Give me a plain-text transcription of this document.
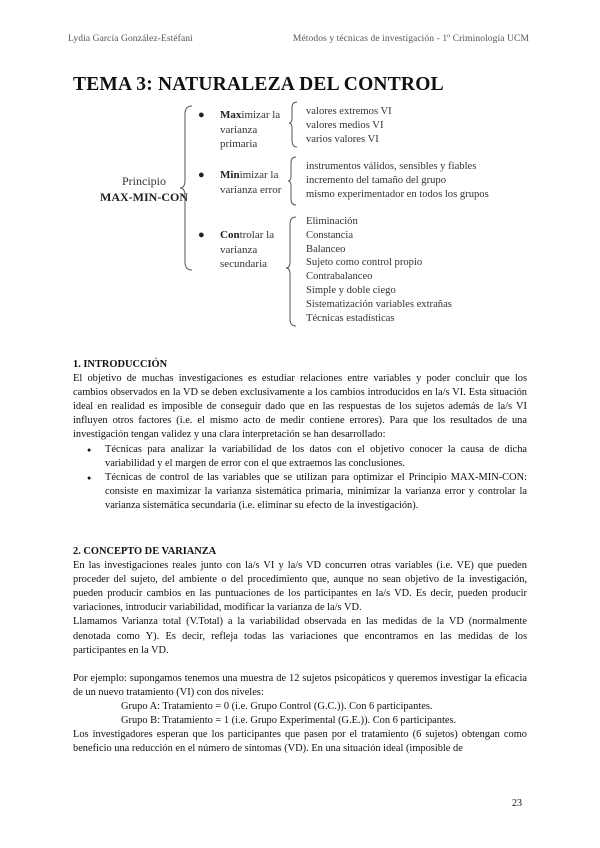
Lydia García González-Estéfani	Métodos y técnicas de investigación - 1º Criminología UCM
TEMA 3: NATURALEZA DEL CONTROL
Principio
MAX-MIN-CON
● Maximizar la
varianza
primaria
valores extremos VI
valores medios VI
varios valores VI
● Minimizar la
varianza error
instrumentos válidos, sensibles y fiables
incremento del tamaño del grupo
mismo experimentador en todos los grupos
● Controlar la
varianza
secundaria
Eliminación
Constancia
Balanceo
Sujeto como control propio
Contrabalanceo
Simple y doble ciego
Sistematización variables extrañas
Técnicas estadísticas

1. INTRODUCCIÓN

El objetivo de muchas investigaciones es estudiar relaciones entre variables y poder concluir que los cambios observados en la VD se deben exclusivamente a los cambios introducidos en la/s VI. Esta situación ideal en realidad es imposible de conseguir dado que en las respuestas de los sujetos además de la/s VI influyen otros factores (i.e. el mismo acto de medir contiene errores). Para que los resultados de una investigación tengan validez y una clara interpretación se han desarrollado:

● Técnicas para analizar la variabilidad de los datos con el objetivo conocer la causa de dicha variabilidad y el margen de error con el que extraemos las conclusiones.
● Técnicas de control de las variables que se utilizan para optimizar el Principio MAX-MIN-CON: consiste en maximizar la varianza sistemática primaria, minimizar la varianza error y controlar la varianza sistemática secundaria (i.e. eliminar su efecto de la investigación).

2. CONCEPTO DE VARIANZA

En las investigaciones reales junto con la/s VI y la/s VD concurren otras variables (i.e. VE) que pueden proceder del sujeto, del ambiente o del procedimiento que, aunque no sean objetivo de la investigación, pueden producir cambios en las puntuaciones de los participantes en la/s VD. Es decir, pueden producir variaciones, introducir variabilidad, modificar la varianza de la/s VD.

Llamamos Varianza total (V.Total) a la variabilidad observada en las medidas de la VD (normalmente denotada como Y). Es decir, refleja todas las variaciones que encontramos en las medidas de los participantes en la VD.

Por ejemplo: supongamos tenemos una muestra de 12 sujetos psicopáticos y queremos investigar la eficacia de un nuevo tratamiento (VI) con dos niveles:

Grupo A: Tratamiento = 0 (i.e. Grupo Control (G.C.)). Con 6 participantes.

Grupo B: Tratamiento = 1 (i.e. Grupo Experimental (G.E.)). Con 6 participantes.

Los investigadores esperan que los participantes que pasen por el tratamiento (6 sujetos) obtengan como beneficio una reducción en el número de síntomas (VD). En una situación ideal (imposible de

23
